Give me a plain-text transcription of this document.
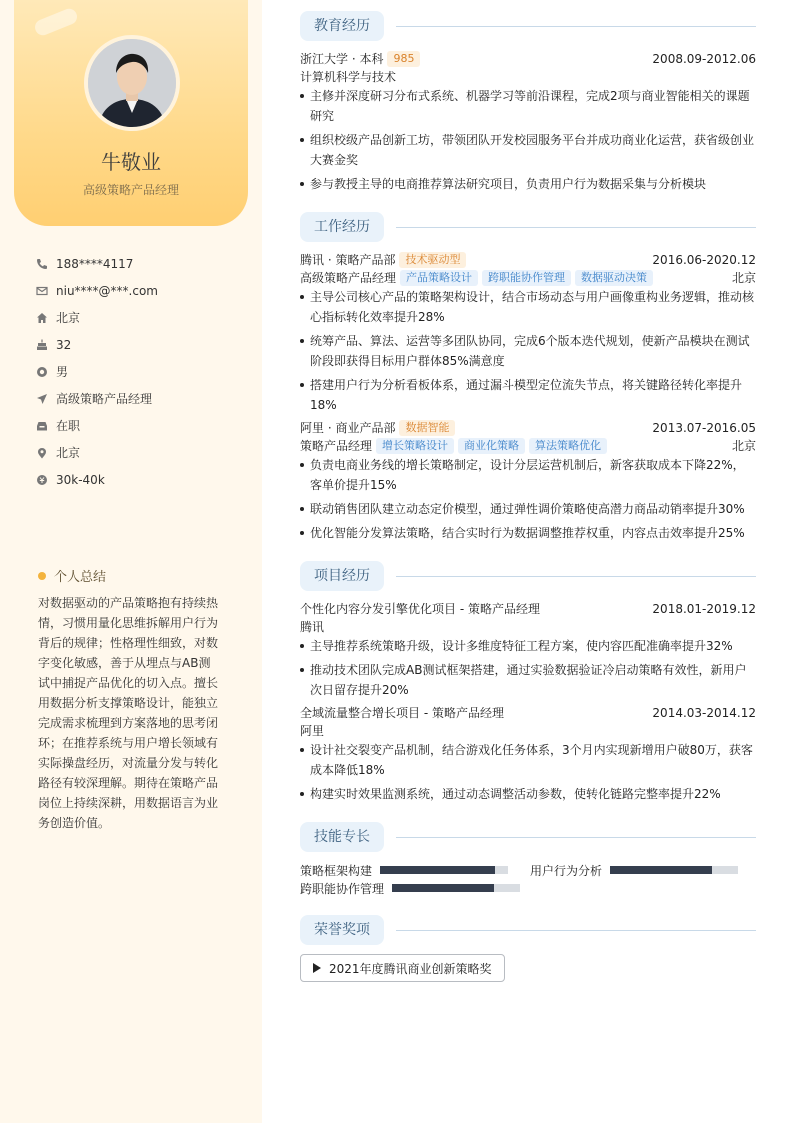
牛敬业
高级策略产品经理
188****4117
niu****@***.com
北京
32
男
高级策略产品经理
在职
北京
30k-40k
个人总结
对数据驱动的产品策略抱有持续热情，习惯用量化思维拆解用户行为背后的规律；性格理性细致，对数字变化敏感，善于从埋点与AB测试中捕捉产品优化的切入点。擅长用数据分析支撑策略设计，能独立完成需求梳理到方案落地的思考闭环；在推荐系统与用户增长领域有实际操盘经历，对流量分发与转化路径有较深理解。期待在策略产品岗位上持续深耕，用数据语言为业务创造价值。
教育经历
浙江大学 · 本科 985	2008.09-2012.06
计算机科学与技术
主修并深度研习分布式系统、机器学习等前沿课程，完成2项与商业智能相关的课题研究
组织校级产品创新工坊，带领团队开发校园服务平台并成功商业化运营，获省级创业大赛金奖
参与教授主导的电商推荐算法研究项目，负责用户行为数据采集与分析模块
工作经历
腾讯 · 策略产品部 技术驱动型	2016.06-2020.12
高级策略产品经理 产品策略设计 跨职能协作管理 数据驱动决策	北京
主导公司核心产品的策略架构设计，结合市场动态与用户画像重构业务逻辑，推动核心指标转化效率提升28%
统筹产品、算法、运营等多团队协同，完成6个版本迭代规划，使新产品模块在测试阶段即获得目标用户群体85%满意度
搭建用户行为分析看板体系，通过漏斗模型定位流失节点，将关键路径转化率提升18%
阿里 · 商业产品部 数据智能	2013.07-2016.05
策略产品经理 增长策略设计 商业化策略 算法策略优化	北京
负责电商业务线的增长策略制定，设计分层运营机制后，新客获取成本下降22%，客单价提升15%
联动销售团队建立动态定价模型，通过弹性调价策略使高潜力商品动销率提升30%
优化智能分发算法策略，结合实时行为数据调整推荐权重，内容点击效率提升25%
项目经历
个性化内容分发引擎优化项目 - 策略产品经理	2018.01-2019.12
腾讯
主导推荐系统策略升级，设计多维度特征工程方案，使内容匹配准确率提升32%
推动技术团队完成AB测试框架搭建，通过实验数据验证冷启动策略有效性，新用户次日留存提升20%
全域流量整合增长项目 - 策略产品经理	2014.03-2014.12
阿里
设计社交裂变产品机制，结合游戏化任务体系，3个月内实现新增用户破80万，获客成本降低18%
构建实时效果监测系统，通过动态调整活动参数，使转化链路完整率提升22%
技能专长
策略框架构建	用户行为分析
跨职能协作管理
荣誉奖项
2021年度腾讯商业创新策略奖
